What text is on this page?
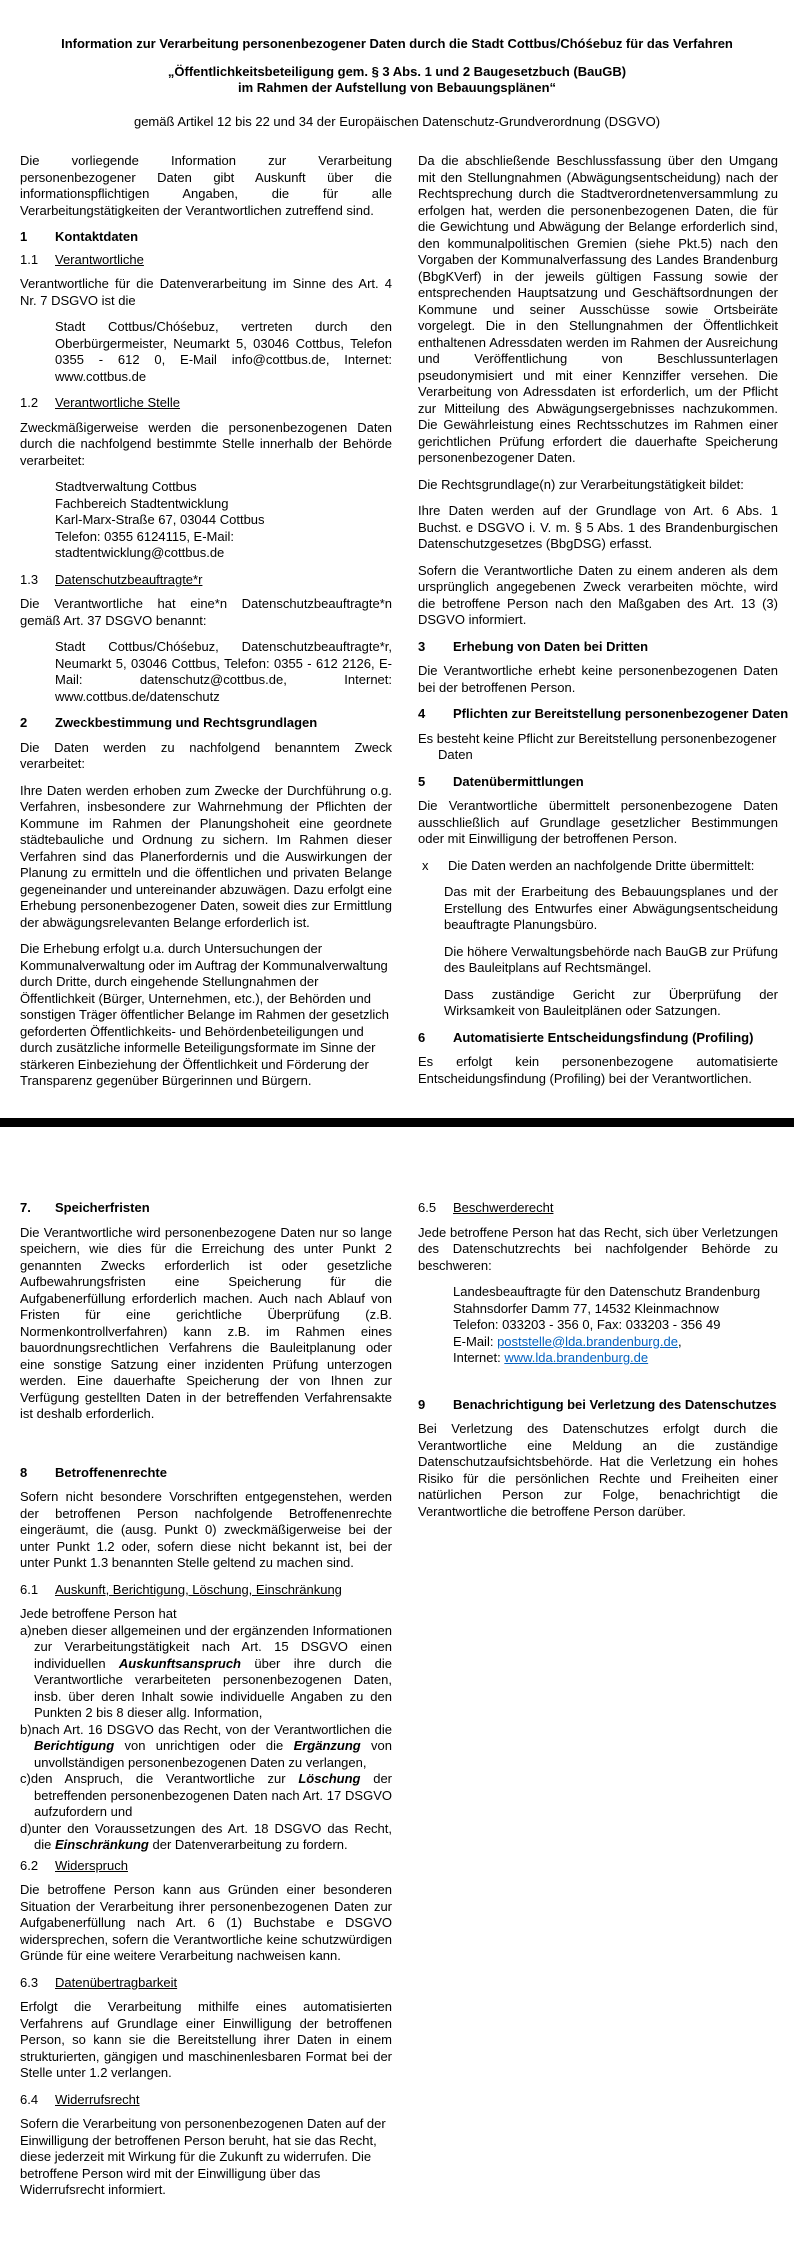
Information zur Verarbeitung personenbezogener Daten durch die Stadt Cottbus/Chóśebuz für das Verfahren
„Öffentlichkeitsbeteiligung gem. § 3 Abs. 1 und 2 Baugesetzbuch (BauGB)
im Rahmen der Aufstellung von Bebauungsplänen“
gemäß Artikel 12 bis 22 und 34 der Europäischen Datenschutz-Grundverordnung (DSGVO)
Die vorliegende Information zur Verarbeitung personenbezogener Daten gibt Auskunft über die informationspflichtigen Angaben, die für alle Verarbeitungstätigkeiten der Verantwortlichen zutreffend sind.
1	Kontaktdaten
1.1	Verantwortliche
Verantwortliche für die Datenverarbeitung im Sinne des Art. 4 Nr. 7 DSGVO ist die
Stadt Cottbus/Chóśebuz, vertreten durch den Oberbürgermeister, Neumarkt 5, 03046 Cottbus, Telefon 0355 - 612 0, E-Mail info@cottbus.de, Internet: www.cottbus.de
1.2	Verantwortliche Stelle
Zweckmäßigerweise werden die personenbezogenen Daten durch die nachfolgend bestimmte Stelle innerhalb der Behörde verarbeitet:
Stadtverwaltung Cottbus
Fachbereich Stadtentwicklung
Karl-Marx-Straße 67, 03044 Cottbus
Telefon: 0355 6124115, E-Mail: stadtentwicklung@cottbus.de
1.3	Datenschutzbeauftragte*r
Die Verantwortliche hat eine*n Datenschutzbeauftragte*n gemäß Art. 37 DSGVO benannt:
Stadt Cottbus/Chóśebuz, Datenschutzbeauftragte*r, Neumarkt 5, 03046 Cottbus, Telefon: 0355 - 612 2126, E-Mail: datenschutz@cottbus.de, Internet: www.cottbus.de/datenschutz
2	Zweckbestimmung und Rechtsgrundlagen
Die Daten werden zu nachfolgend benanntem Zweck verarbeitet:
Ihre Daten werden erhoben zum Zwecke der Durchführung o.g. Verfahren, insbesondere zur Wahrnehmung der Pflichten der Kommune im Rahmen der Planungshoheit eine geordnete städtebauliche und Ordnung zu sichern. Im Rahmen dieser Verfahren sind das Planerfordernis und die Auswirkungen der Planung zu ermitteln und die öffentlichen und privaten Belange gegeneinander und untereinander abzuwägen. Dazu erfolgt eine Erhebung personenbezogener Daten, soweit dies zur Ermittlung der abwägungsrelevanten Belange erforderlich ist.
Die Erhebung erfolgt u.a. durch Untersuchungen der Kommunalverwaltung oder im Auftrag der Kommunalverwaltung durch Dritte, durch eingehende Stellungnahmen der Öffentlichkeit (Bürger, Unternehmen, etc.), der Behörden und sonstigen Träger öffentlicher Belange im Rahmen der gesetzlich geforderten Öffentlichkeits- und Behördenbeteiligungen und durch zusätzliche informelle Beteiligungsformate im Sinne der stärkeren Einbeziehung der Öffentlichkeit und Förderung der Transparenz gegenüber Bürgerinnen und Bürgern.
Da die abschließende Beschlussfassung über den Umgang mit den Stellungnahmen (Abwägungsentscheidung) nach der Rechtsprechung durch die Stadtverordnetenversammlung zu erfolgen hat, werden die personenbezogenen Daten, die für die Gewichtung und Abwägung der Belange erforderlich sind, den kommunalpolitischen Gremien (siehe Pkt.5) nach den Vorgaben der Kommunalverfassung des Landes Brandenburg (BbgKVerf) in der jeweils gültigen Fassung sowie der entsprechenden Hauptsatzung und Geschäftsordnungen der Kommune und seiner Ausschüsse sowie Ortsbeiräte vorgelegt. Die in den Stellungnahmen der Öffentlichkeit enthaltenen Adressdaten werden im Rahmen der Ausreichung und Veröffentlichung von Beschlussunterlagen pseudonymisiert und mit einer Kennziffer versehen. Die Verarbeitung von Adressdaten ist erforderlich, um der Pflicht zur Mitteilung des Abwägungsergebnisses nachzukommen. Die Gewährleistung eines Rechtsschutzes im Rahmen einer gerichtlichen Prüfung erfordert die dauerhafte Speicherung personenbezogener Daten.
Die Rechtsgrundlage(n) zur Verarbeitungstätigkeit bildet:
Ihre Daten werden auf der Grundlage von Art. 6 Abs. 1 Buchst. e DSGVO i. V. m. § 5 Abs. 1 des Brandenburgischen Datenschutzgesetzes (BbgDSG) erfasst.
Sofern die Verantwortliche Daten zu einem anderen als dem ursprünglich angegebenen Zweck verarbeiten möchte, wird die betroffene Person nach den Maßgaben des Art. 13 (3) DSGVO informiert.
3	Erhebung von Daten bei Dritten
Die Verantwortliche erhebt keine personenbezogenen Daten bei der betroffenen Person.
4	Pflichten zur Bereitstellung personenbezogener Daten
Es besteht keine Pflicht zur Bereitstellung personenbezogener Daten
5	Datenübermittlungen
Die Verantwortliche übermittelt personenbezogene Daten ausschließlich auf Grundlage gesetzlicher Bestimmungen oder mit Einwilligung der betroffenen Person.
x	Die Daten werden an nachfolgende Dritte übermittelt:
Das mit der Erarbeitung des Bebauungsplanes und der Erstellung des Entwurfes einer Abwägungsentscheidung beauftragte Planungsbüro.
Die höhere Verwaltungsbehörde nach BauGB zur Prüfung des Bauleitplans auf Rechtsmängel.
Dass zuständige Gericht zur Überprüfung der Wirksamkeit von Bauleitplänen oder Satzungen.
6	Automatisierte Entscheidungsfindung (Profiling)
Es erfolgt kein personenbezogene automatisierte Entscheidungsfindung (Profiling) bei der Verantwortlichen.
7.	Speicherfristen
Die Verantwortliche wird personenbezogene Daten nur so lange speichern, wie dies für die Erreichung des unter Punkt 2 genannten Zwecks erforderlich ist oder gesetzliche Aufbewahrungsfristen eine Speicherung für die Aufgabenerfüllung erforderlich machen. Auch nach Ablauf von Fristen für eine gerichtliche Überprüfung (z.B. Normenkontrollverfahren) kann z.B. im Rahmen eines bauordnungsrechtlichen Verfahrens die Bauleitplanung oder eine sonstige Satzung einer inzidenten Prüfung unterzogen werden. Eine dauerhafte Speicherung der von Ihnen zur Verfügung gestellten Daten in der betreffenden Verfahrensakte ist deshalb erforderlich.
8	Betroffenenrechte
Sofern nicht besondere Vorschriften entgegenstehen, werden der betroffenen Person nachfolgende Betroffenenrechte eingeräumt, die (ausg. Punkt 0) zweckmäßigerweise bei der unter Punkt 1.2 oder, sofern diese nicht bekannt ist, bei der unter Punkt 1.3 benannten Stelle geltend zu machen sind.
6.1	Auskunft, Berichtigung, Löschung, Einschränkung
Jede betroffene Person hat
a)neben dieser allgemeinen und der ergänzenden Informationen zur Verarbeitungstätigkeit nach Art. 15 DSGVO einen individuellen Auskunftsanspruch über ihre durch die Verantwortliche verarbeiteten personenbezogenen Daten, insb. über deren Inhalt sowie individuelle Angaben zu den Punkten 2 bis 8 dieser allg. Information,
b)nach Art. 16 DSGVO das Recht, von der Verantwortlichen die Berichtigung von unrichtigen oder die Ergänzung von unvollständigen personenbezogenen Daten zu verlangen,
c)den Anspruch, die Verantwortliche zur Löschung der betreffenden personenbezogenen Daten nach Art. 17 DSGVO aufzufordern und
d)unter den Voraussetzungen des Art. 18 DSGVO das Recht, die Einschränkung der Datenverarbeitung zu fordern.
6.2	Widerspruch
Die betroffene Person kann aus Gründen einer besonderen Situation der Verarbeitung ihrer personenbezogenen Daten zur Aufgabenerfüllung nach Art. 6 (1) Buchstabe e DSGVO widersprechen, sofern die Verantwortliche keine schutzwürdigen Gründe für eine weitere Verarbeitung nachweisen kann.
6.3	Datenübertragbarkeit
Erfolgt die Verarbeitung mithilfe eines automatisierten Verfahrens auf Grundlage einer Einwilligung der betroffenen Person, so kann sie die Bereitstellung ihrer Daten in einem strukturierten, gängigen und maschinenlesbaren Format bei der Stelle unter 1.2 verlangen.
6.4	Widerrufsrecht
Sofern die Verarbeitung von personenbezogenen Daten auf der Einwilligung der betroffenen Person beruht, hat sie das Recht, diese jederzeit mit Wirkung für die Zukunft zu widerrufen. Die betroffene Person wird mit der Einwilligung über das Widerrufsrecht informiert.
6.5	Beschwerderecht
Jede betroffene Person hat das Recht, sich über Verletzungen des Datenschutzrechts bei nachfolgender Behörde zu beschweren:
Landesbeauftragte für den Datenschutz Brandenburg
Stahnsdorfer Damm 77, 14532 Kleinmachnow
Telefon: 033203 - 356 0, Fax: 033203 - 356 49
E-Mail: poststelle@lda.brandenburg.de,
Internet: www.lda.brandenburg.de
9	Benachrichtigung bei Verletzung des Datenschutzes
Bei Verletzung des Datenschutzes erfolgt durch die Verantwortliche eine Meldung an die zuständige Datenschutzaufsichtsbehörde. Hat die Verletzung ein hohes Risiko für die persönlichen Rechte und Freiheiten einer natürlichen Person zur Folge, benachrichtigt die Verantwortliche die betroffene Person darüber.
